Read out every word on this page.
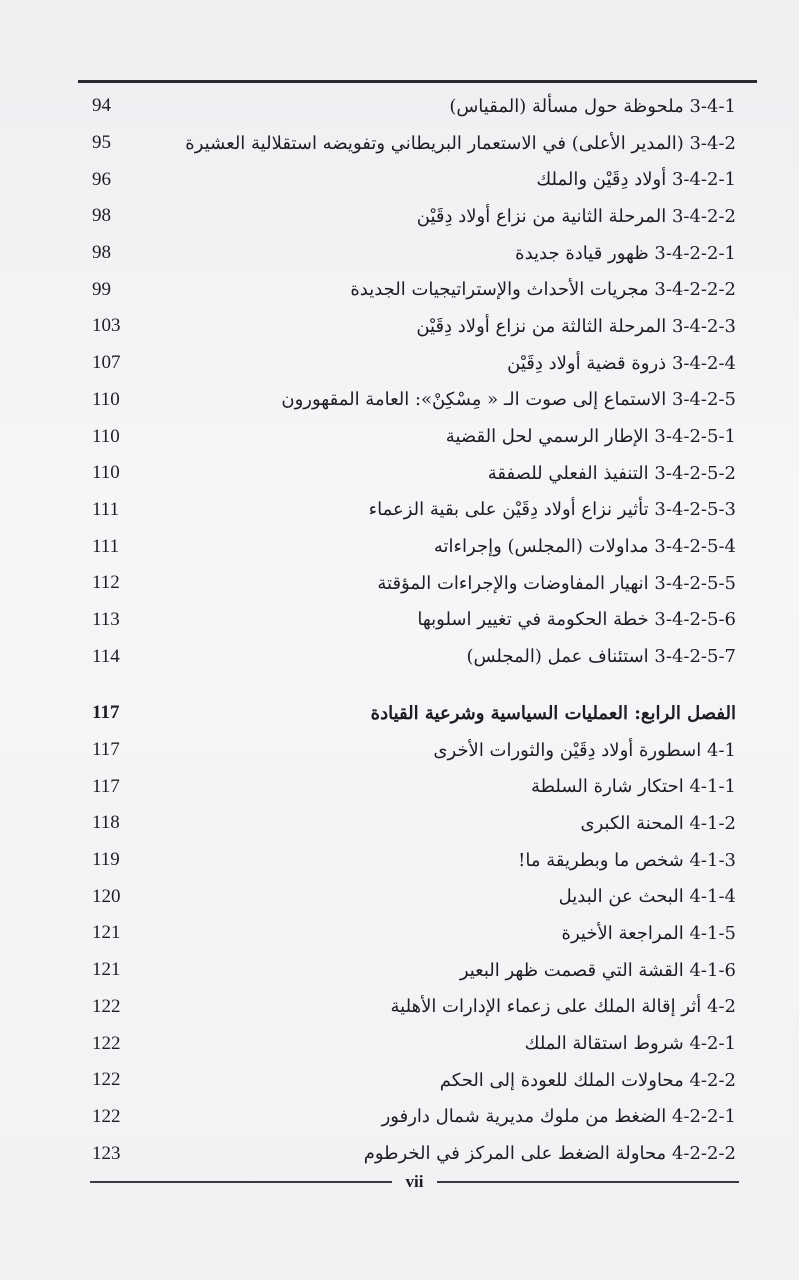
94	3-4-1 ملحوظة حول مسألة (المقياس)
95	3-4-2 (المدير الأعلى) في الاستعمار البريطاني وتفويضه استقلالية العشيرة
96	3-4-2-1 أولاد دِقَيْن والملك
98	3-4-2-2 المرحلة الثانية من نزاع أولاد دِقَيْن
98	3-4-2-2-1 ظهور قيادة جديدة
99	3-4-2-2-2 مجريات الأحداث والإستراتيجيات الجديدة
103	3-4-2-3 المرحلة الثالثة من نزاع أولاد دِقَيْن
107	3-4-2-4 ذروة قضية أولاد دِقَيْن
110	3-4-2-5 الاستماع إلى صوت الـ « مِسْكِنْ»: العامة المقهورون
110	3-4-2-5-1 الإطار الرسمي لحل القضية
110	3-4-2-5-2 التنفيذ الفعلي للصفقة
111	3-4-2-5-3 تأثير نزاع أولاد دِقَيْن على بقية الزعماء
111	3-4-2-5-4 مداولات (المجلس) وإجراءاته
112	3-4-2-5-5 انهيار المفاوضات والإجراءات المؤقتة
113	3-4-2-5-6 خطة الحكومة في تغيير اسلوبها
114	3-4-2-5-7 استئناف عمل (المجلس)
117	الفصل الرابع: العمليات السياسية وشرعية القيادة
117	4-1 اسطورة أولاد دِقَيْن والثورات الأخرى
117	4-1-1 احتكار شارة السلطة
118	4-1-2 المحنة الكبرى
119	4-1-3 شخص ما وبطريقة ما!
120	4-1-4 البحث عن البديل
121	4-1-5 المراجعة الأخيرة
121	4-1-6 القشة التي قصمت ظهر البعير
122	4-2 أثر إقالة الملك على زعماء الإدارات الأهلية
122	4-2-1 شروط استقالة الملك
122	4-2-2 محاولات الملك للعودة إلى الحكم
122	4-2-2-1 الضغط من ملوك مديرية شمال دارفور
123	4-2-2-2 محاولة الضغط على المركز في الخرطوم
vii
